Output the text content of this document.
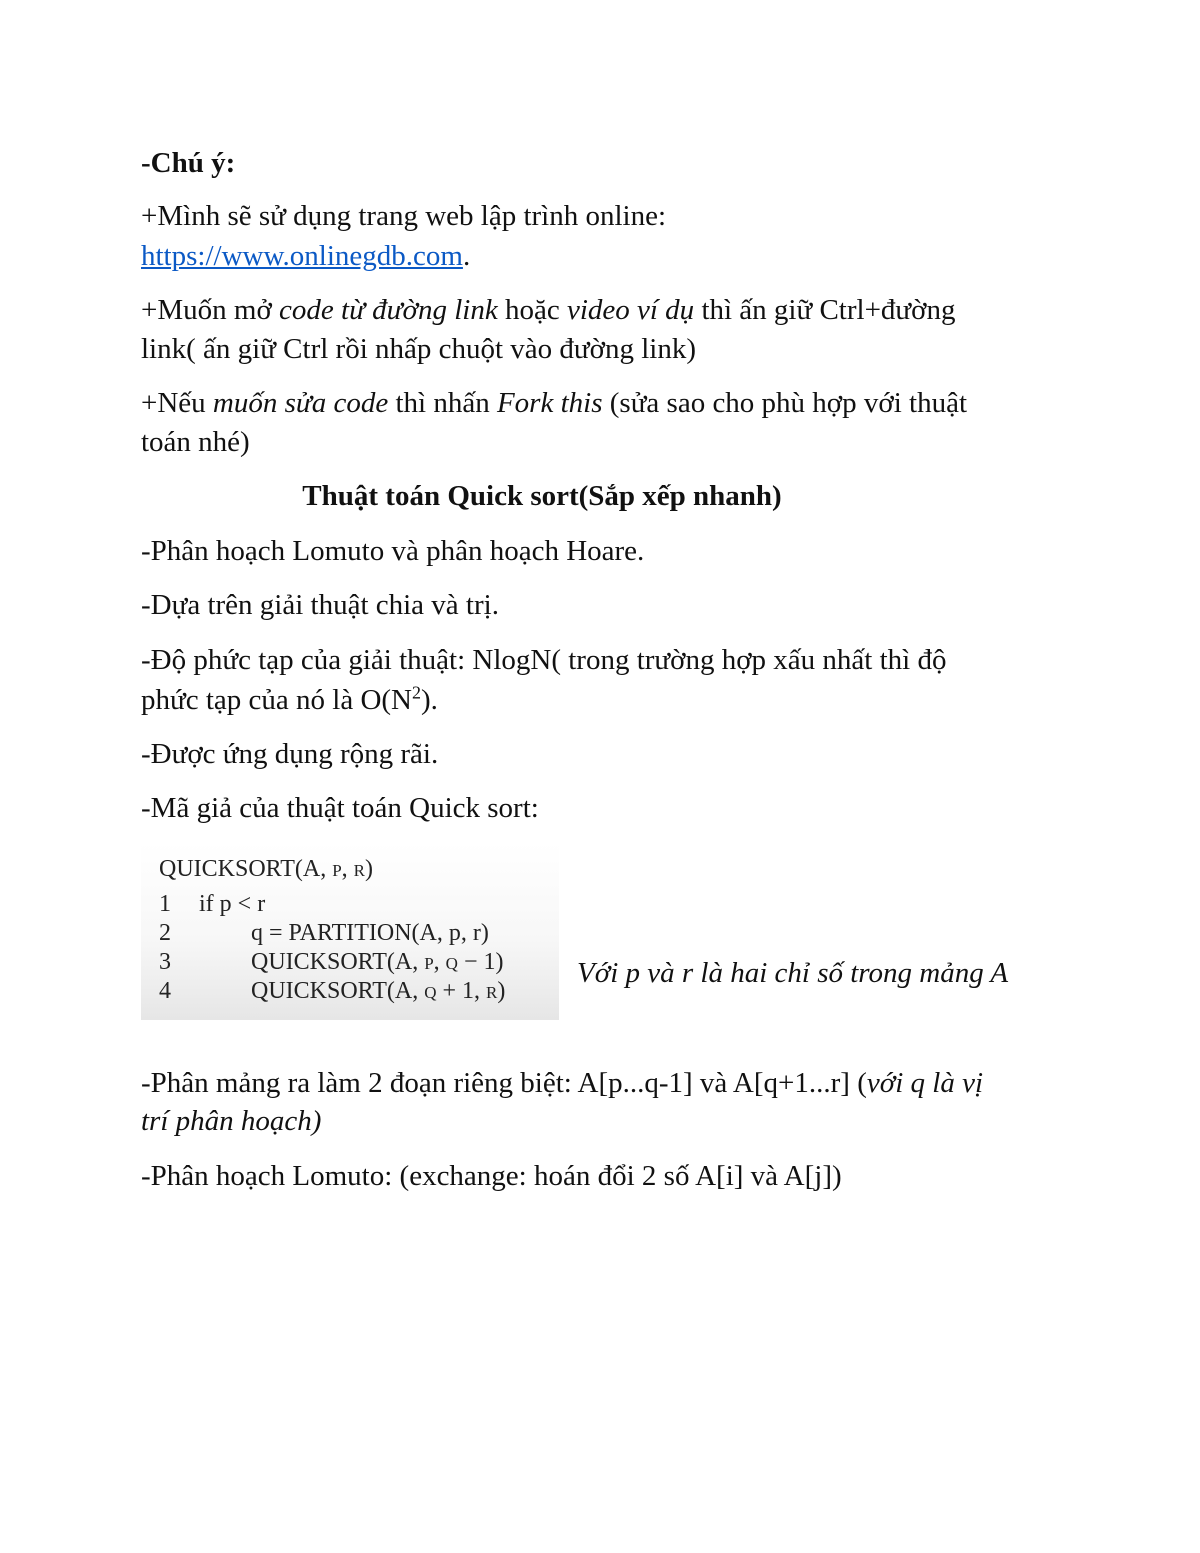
-Chú ý:
+Mình sẽ sử dụng trang web lập trình online:
https://www.onlinegdb.com.
+Muốn mở code từ đường link hoặc video ví dụ thì ấn giữ Ctrl+đường
link( ấn giữ Ctrl rồi nhấp chuột vào đường link)
+Nếu muốn sửa code thì nhấn Fork this (sửa sao cho phù hợp với thuật
toán nhé)
Thuật toán Quick sort(Sắp xếp nhanh)
-Phân hoạch Lomuto và phân hoạch Hoare.
-Dựa trên giải thuật chia và trị.
-Độ phức tạp của giải thuật: NlogN( trong trường hợp xấu nhất thì độ
phức tạp của nó là $O(N^2)$.
-Được ứng dụng rộng rãi.
-Mã giả của thuật toán Quick sort:
QUICKSORT(A, p, r)
1 if p < r
2	q = PARTITION(A, p, r)
3	QUICKSORT(A, p, q − 1)
4	QUICKSORT(A, q + 1, r)
Với p và r là hai chỉ số trong mảng A
-Phân mảng ra làm 2 đoạn riêng biệt: A[p...q-1] và A[q+1...r] (với q là vị
trí phân hoạch)
-Phân hoạch Lomuto: (exchange: hoán đổi 2 số A[i] và A[j])
